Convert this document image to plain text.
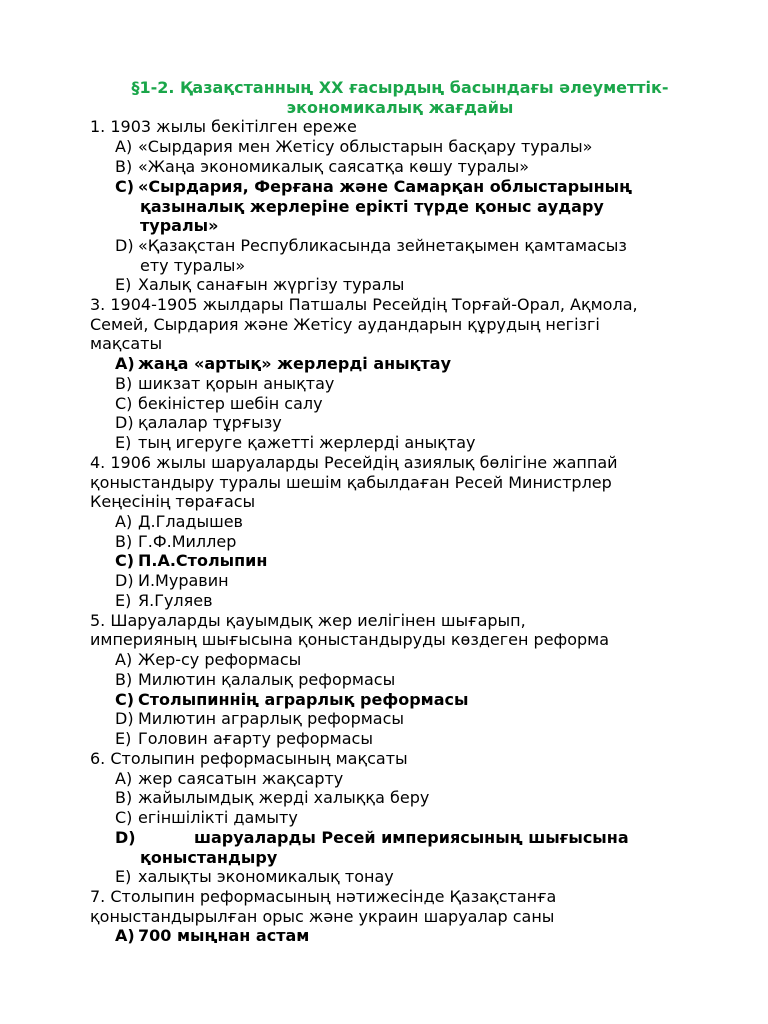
§1-2. Қазақстанның XX ғасырдың басындағы әлеуметтік-
экономикалық жағдайы
1. 1903 жылы бекітілген ереже
A) «Сырдария мен Жетісу облыстарын басқару туралы»
B) «Жаңа экономикалық саясатқа көшу туралы»
C) «Сырдария, Ферғана және Самарқан облыстарының
қазыналық жерлеріне ерікті түрде қоныс аудару
туралы»
D) «Қазақстан Республикасында зейнетақымен қамтамасыз
ету туралы»
E) Халық санағын жүргізу туралы
3. 1904-1905 жылдары Патшалы Ресейдің Торғай-Орал, Ақмола,
Семей, Сырдария және Жетісу аудандарын құрудың негізгі
мақсаты
A) жаңа «артық» жерлерді анықтау
B) шикзат қорын анықтау
C) бекіністер шебін салу
D) қалалар тұрғызу
E) тың игеруге қажетті жерлерді анықтау
4. 1906 жылы шаруаларды Ресейдің азиялық бөлігіне жаппай
қоныстандыру туралы шешім қабылдаған Ресей Министрлер
Кеңесінің төрағасы
A) Д.Гладышев
B) Г.Ф.Миллер
C) П.А.Столыпин
D) И.Муравин
E) Я.Гуляев
5. Шаруаларды қауымдық жер иелігінен шығарып,
империяның шығысына қоныстандыруды көздеген реформа
A) Жер-су реформасы
B) Милютин қалалық реформасы
C) Столыпиннің аграрлық реформасы
D) Милютин аграрлық реформасы
E) Головин ағарту реформасы
6. Столыпин реформасының мақсаты
A) жер саясатын жақсарту
B) жайылымдық жерді халыққа беру
C) егіншілікті дамыту
D)	шаруаларды Ресей империясының шығысына
қоныстандыру
E) халықты экономикалық тонау
7. Столыпин реформасының нәтижесінде Қазақстанға
қоныстандырылған орыс және украин шаруалар саны
A) 700 мыңнан астам
